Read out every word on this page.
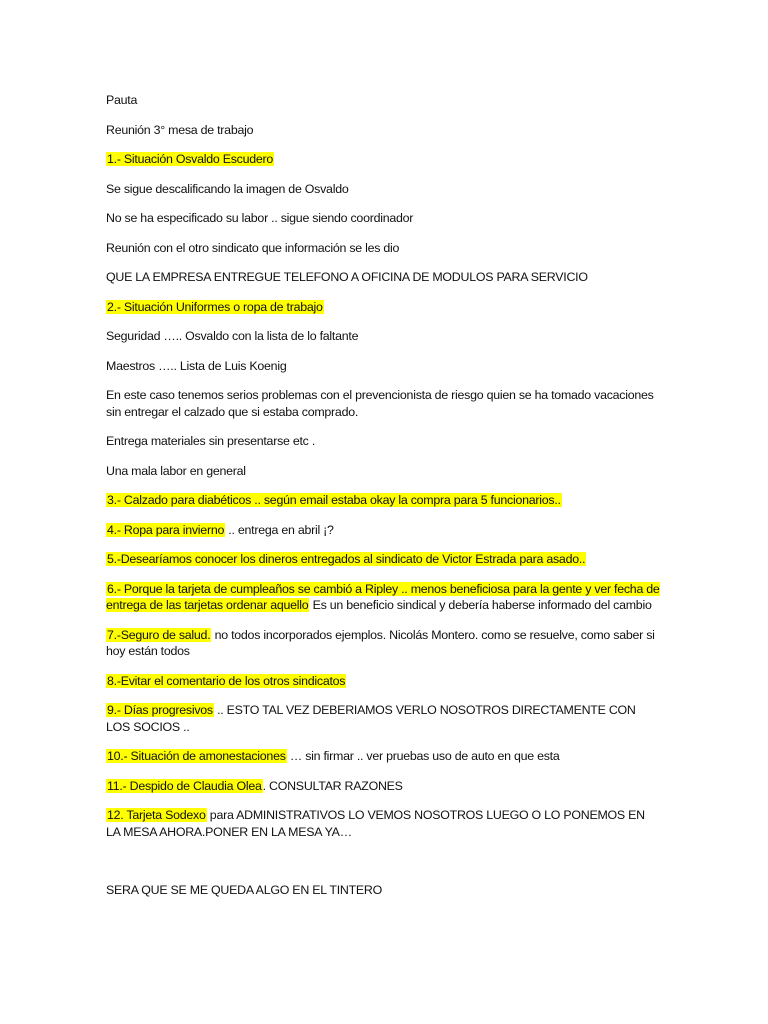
Pauta

Reunión 3° mesa de trabajo

1.- Situación Osvaldo Escudero

Se sigue descalificando la imagen de Osvaldo

No se ha especificado su labor .. sigue siendo coordinador

Reunión con el otro sindicato que información se les dio

QUE LA EMPRESA ENTREGUE TELEFONO A OFICINA DE MODULOS PARA SERVICIO

2.- Situación Uniformes o ropa de trabajo

Seguridad ….. Osvaldo con la lista de lo faltante

Maestros ….. Lista de Luis Koenig

En este caso tenemos serios problemas con el prevencionista de riesgo quien se ha tomado vacaciones sin entregar el calzado que si estaba comprado.

Entrega materiales sin presentarse etc .

Una mala labor en general

3.- Calzado para diabéticos .. según email estaba okay la compra para 5 funcionarios..

4.- Ropa para invierno .. entrega en abril ¡?

5.-Desearíamos conocer los dineros entregados al sindicato de Victor Estrada para asado..

6.- Porque la tarjeta de cumpleaños se cambió a Ripley .. menos beneficiosa para la gente y ver fecha de entrega de las tarjetas ordenar aquello Es un beneficio sindical y debería haberse informado del cambio

7.-Seguro de salud. no todos incorporados ejemplos. Nicolás Montero. como se resuelve, como saber si hoy están todos

8.-Evitar el comentario de los otros sindicatos

9.- Días progresivos .. ESTO TAL VEZ DEBERIAMOS VERLO NOSOTROS DIRECTAMENTE CON LOS SOCIOS ..

10.- Situación de amonestaciones … sin firmar .. ver pruebas uso de auto en que esta

11.- Despido de Claudia Olea. CONSULTAR RAZONES

12. Tarjeta Sodexo para ADMINISTRATIVOS LO VEMOS NOSOTROS LUEGO O LO PONEMOS EN LA MESA AHORA.PONER EN LA MESA YA…

SERA QUE SE ME QUEDA ALGO EN EL TINTERO
